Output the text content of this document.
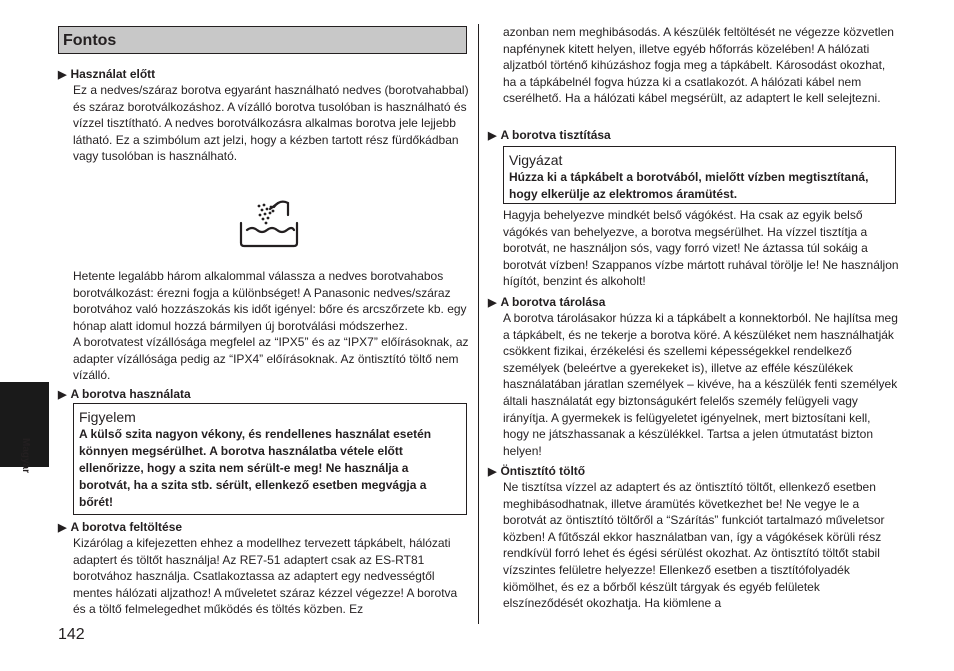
Fontos
▶ Használat előtt

Ez a nedves/száraz borotva egyaránt használható nedves (borotvahabbal) és száraz borotválkozáshoz. A vízálló borotva tusolóban is használható és vízzel tisztítható. A nedves borotválkozásra alkalmas borotva jele lejjebb látható. Ez a szimbólum azt jelzi, hogy a kézben tartott rész fürdőkádban vagy tusolóban is használható.

Hetente legalább három alkalommal válassza a nedves borotvahabos borotválkozást: érezni fogja a különbséget! A Panasonic nedves/száraz borotvához való hozzászokás kis időt igényel: bőre és arcszőrzete kb. egy hónap alatt idomul hozzá bármilyen új borotválási módszerhez.

A borotvatest vízállósága megfelel az “IPX5” és az “IPX7” előírásoknak, az adapter vízállósága pedig az “IPX4” előírásoknak. Az öntisztító töltő nem vízálló.

▶ A borotva használata
Figyelem
A külső szita nagyon vékony, és rendellenes használat esetén könnyen megsérülhet. A borotva használatba vétele előtt ellenőrizze, hogy a szita nem sérült-e meg! Ne használja a borotvát, ha a szita stb. sérült, ellenkező esetben megvágja a bőrét!
▶ A borotva feltöltése

Kizárólag a kifejezetten ehhez a modellhez tervezett tápkábelt, hálózati adaptert és töltőt használja! Az RE7-51 adaptert csak az ES-RT81 borotvához használja. Csatlakoztassa az adaptert egy nedvességtől mentes hálózati aljzathoz! A műveletet száraz kézzel végezze! A borotva és a töltő felmelegedhet működés és töltés közben. Ez

azonban nem meghibásodás. A készülék feltöltését ne végezze közvetlen napfénynek kitett helyen, illetve egyéb hőforrás közelében! A hálózati aljzatból történő kihúzáshoz fogja meg a tápkábelt. Károsodást okozhat, ha a tápkábelnél fogva húzza ki a csatlakozót. A hálózati kábel nem cserélhető. Ha a hálózati kábel megsérült, az adaptert le kell selejtezni.

▶ A borotva tisztítása
Vigyázat
Húzza ki a tápkábelt a borotvából, mielőtt vízben megtisztítaná, hogy elkerülje az elektromos áramütést.

Hagyja behelyezve mindkét belső vágókést. Ha csak az egyik belső vágókés van behelyezve, a borotva megsérülhet. Ha vízzel tisztítja a borotvát, ne használjon sós, vagy forró vizet! Ne áztassa túl sokáig a borotvát vízben! Szappanos vízbe mártott ruhával törölje le! Ne használjon hígítót, benzint és alkoholt!

▶ A borotva tárolása

A borotva tárolásakor húzza ki a tápkábelt a konnektorból. Ne hajlítsa meg a tápkábelt, és ne tekerje a borotva köré. A készüléket nem használhatják csökkent fizikai, érzékelési és szellemi képességekkel rendelkező személyek (beleértve a gyerekeket is), illetve az efféle készülékek használatában járatlan személyek – kivéve, ha a készülék fenti személyek általi használatát egy biztonságukért felelős személy felügyeli vagy irányítja. A gyermekek is felügyeletet igényelnek, mert biztosítani kell, hogy ne játszhassanak a készülékkel. Tartsa a jelen útmutatást bizton helyen!

▶ Öntisztító töltő

Ne tisztítsa vízzel az adaptert és az öntisztító töltőt, ellenkező esetben meghibásodhatnak, illetve áramütés következhet be! Ne vegye le a borotvát az öntisztító töltőről a “Szárítás” funkciót tartalmazó műveletsor közben! A fűtőszál ekkor használatban van, így a vágókések körüli rész rendkívül forró lehet és égési sérülést okozhat. Az öntisztító töltőt stabil vízszintes felületre helyezze! Ellenkező esetben a tisztítófolyadék kiömölhet, és ez a bőrből készült tárgyak és egyéb felületek elszíneződését okozhatja. Ha kiömlene a

Magyar
142
